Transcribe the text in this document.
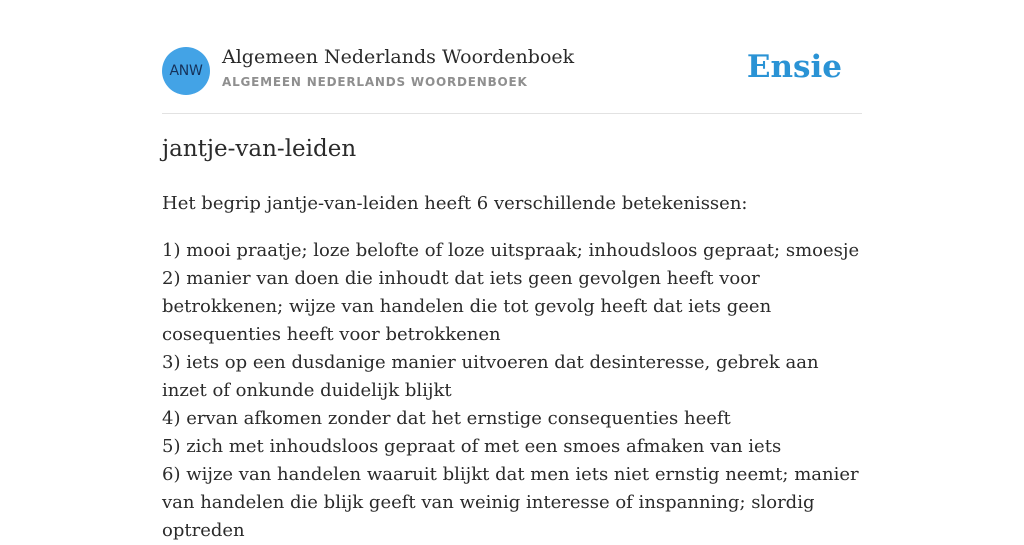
ANW
Algemeen Nederlands Woordenboek
ALGEMEEN NEDERLANDS WOORDENBOEK	Ensie
jantje-van-leiden
Het begrip jantje-van-leiden heeft 6 verschillende betekenissen:
1) mooi praatje; loze belofte of loze uitspraak; inhoudsloos gepraat; smoesje
2) manier van doen die inhoudt dat iets geen gevolgen heeft voor betrokkenen; wijze van handelen die tot gevolg heeft dat iets geen cosequenties heeft voor betrokkenen
3) iets op een dusdanige manier uitvoeren dat desinteresse, gebrek aan inzet of onkunde duidelijk blijkt
4) ervan afkomen zonder dat het ernstige consequenties heeft
5) zich met inhoudsloos gepraat of met een smoes afmaken van iets
6) wijze van handelen waaruit blijkt dat men iets niet ernstig neemt; manier van handelen die blijk geeft van weinig interesse of inspanning; slordig optreden
